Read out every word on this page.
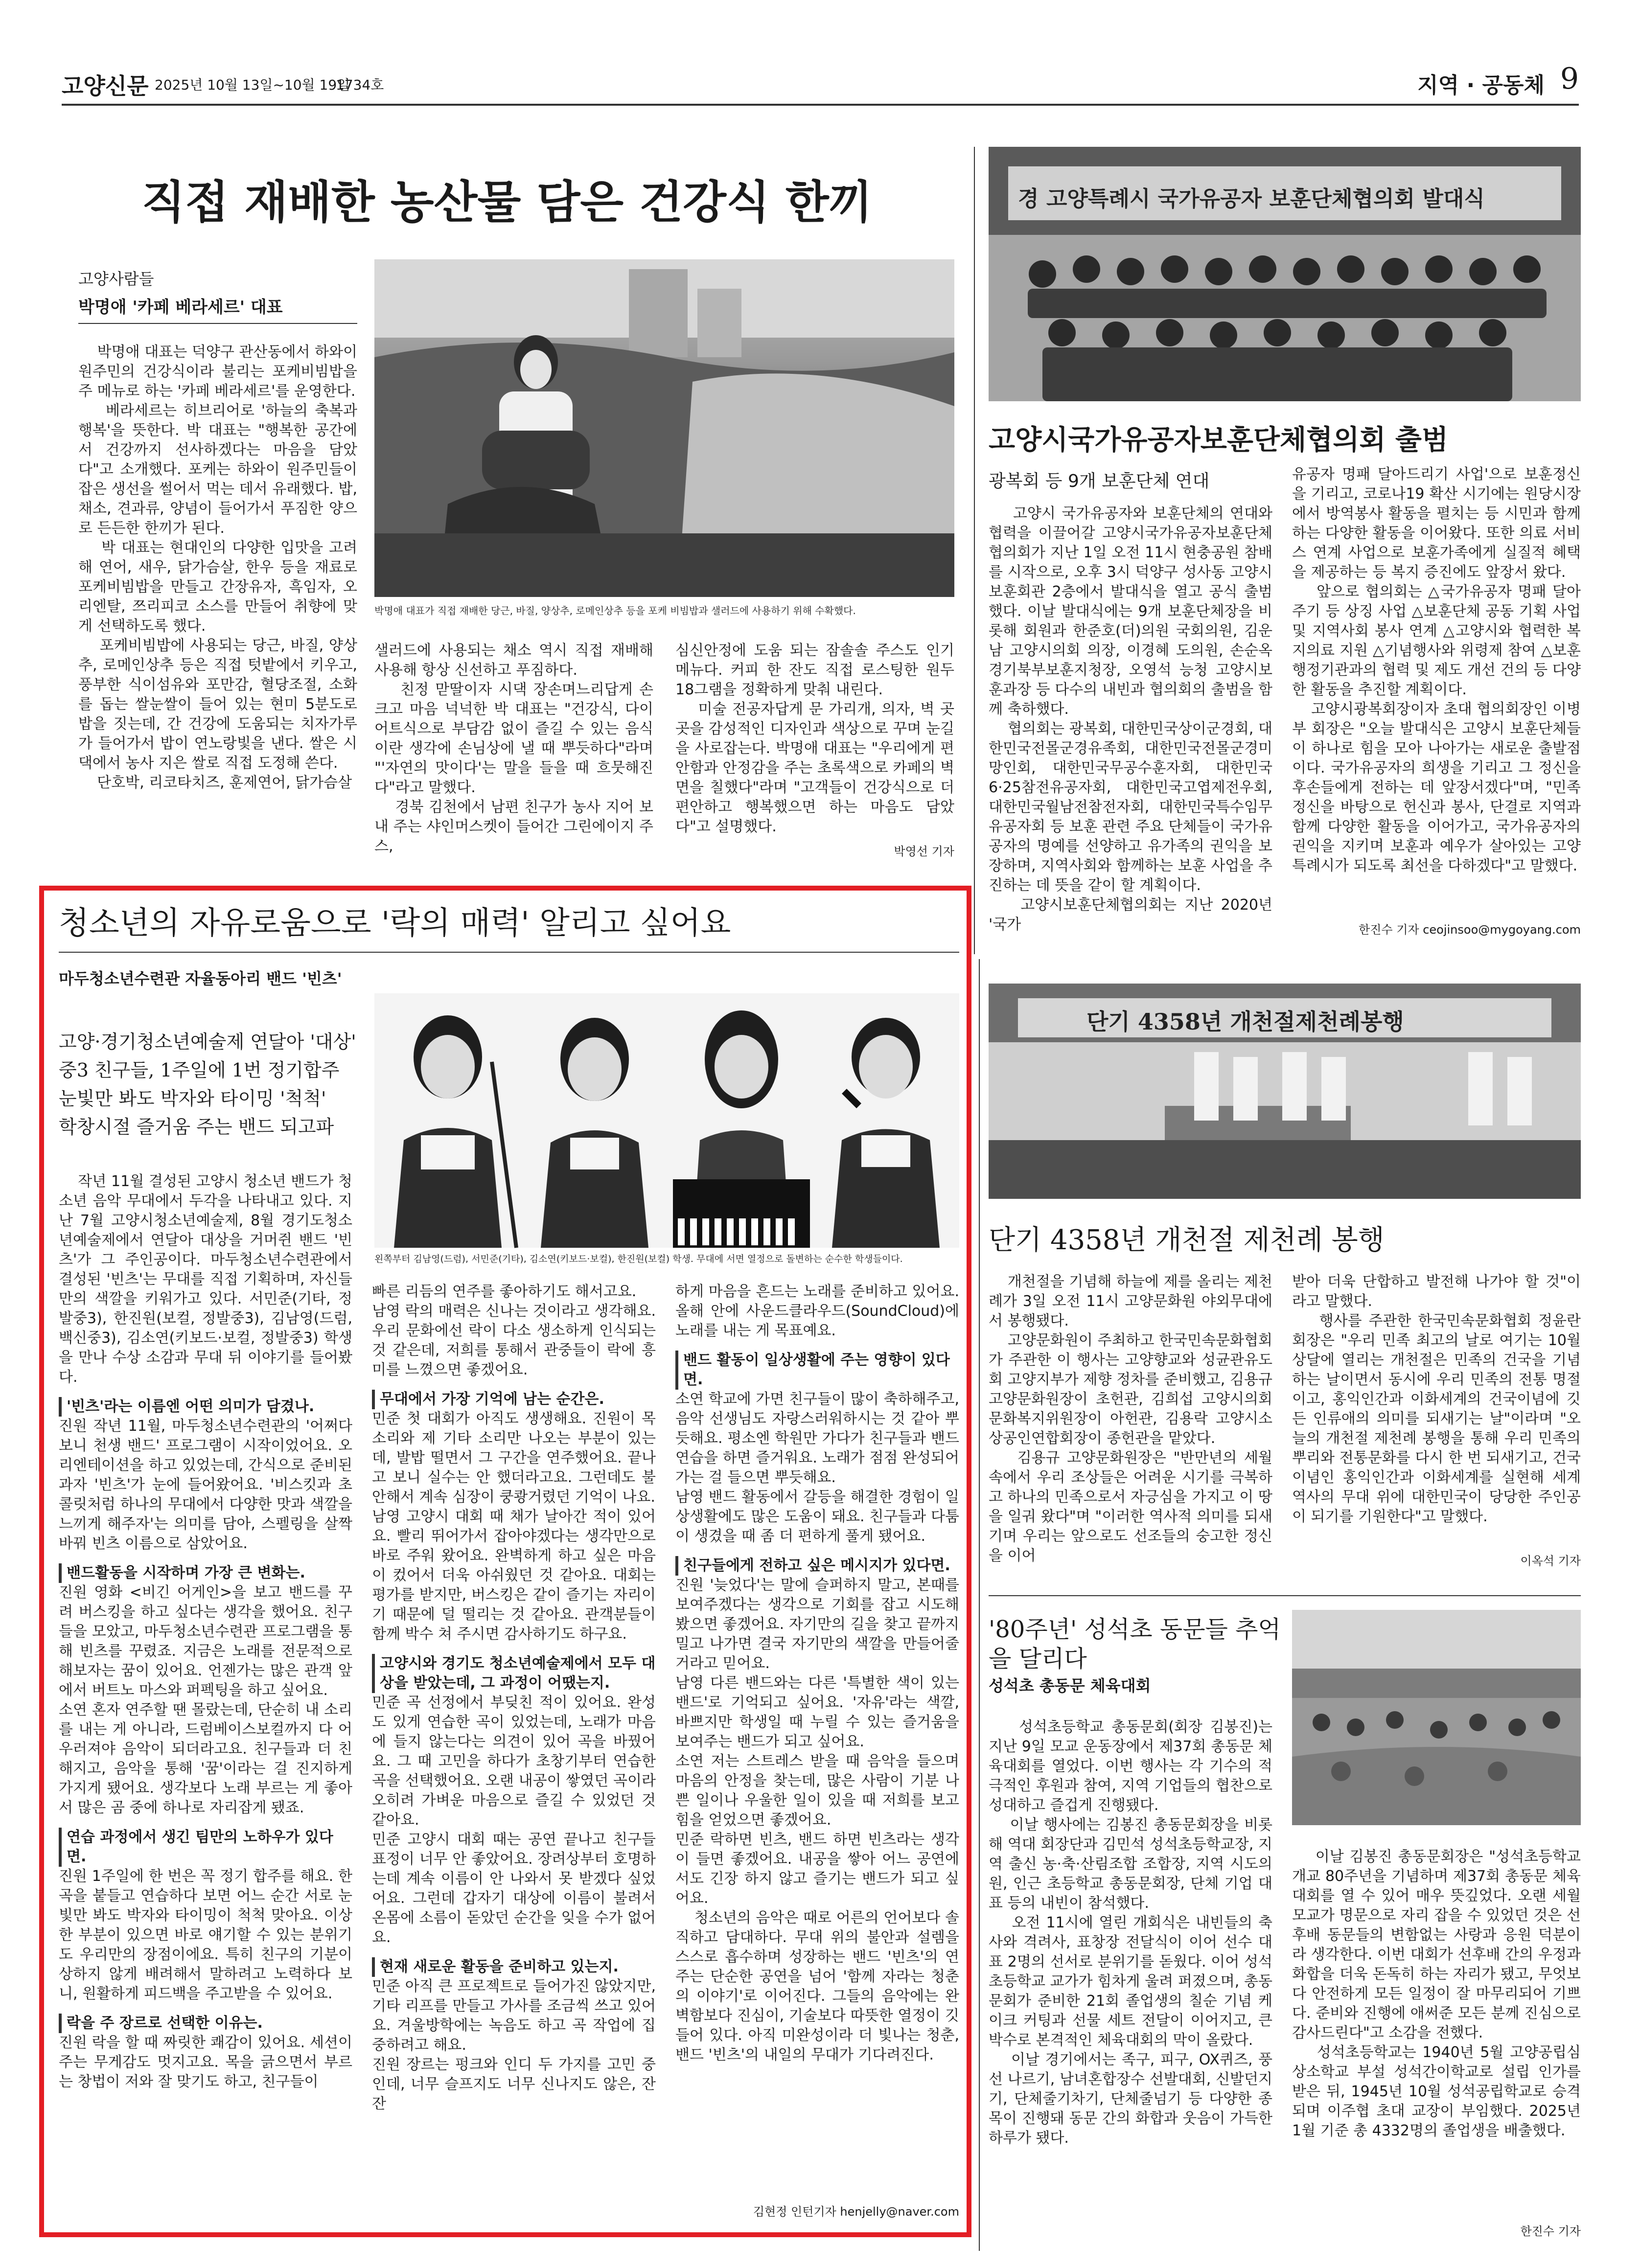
고양신문 2025년 10월 13일~10월 19일
1734호	지역 · 공동체 9
직접 재배한 농산물 담은 건강식 한끼
고양사람들
박명애 '카페 베라세르' 대표
박명애 대표는 덕양구 관산동에서 하와이 원주민의 건강식이라 불리는 포케비빔밥을 주 메뉴로 하는 '카페 베라세르'를 운영한다.
베라세르는 히브리어로 '하늘의 축복과 행복'을 뜻한다. 박 대표는 "행복한 공간에서 건강까지 선사하겠다는 마음을 담았다"고 소개했다. 포케는 하와이 원주민들이 잡은 생선을 썰어서 먹는 데서 유래했다. 밥, 채소, 견과류, 양념이 들어가서 푸짐한 양으로 든든한 한끼가 된다.
박 대표는 현대인의 다양한 입맛을 고려해 연어, 새우, 닭가슴살, 한우 등을 재료로 포케비빔밥을 만들고 간장유자, 흑임자, 오리엔탈, 쯔리피코 소스를 만들어 취향에 맞게 선택하도록 했다.
포케비빔밥에 사용되는 당근, 바질, 양상추, 로메인상추 등은 직접 텃밭에서 키우고, 풍부한 식이섬유와 포만감, 혈당조절, 소화를 돕는 쌀눈쌀이 들어 있는 현미 5분도로 밥을 짓는데, 간 건강에 도움되는 치자가루가 들어가서 밥이 연노랑빛을 낸다. 쌀은 시댁에서 농사 지은 쌀로 직접 도정해 쓴다.
단호박, 리코타치즈, 훈제연어, 닭가슴살
박명애 대표가 직접 재배한 당근, 바질, 양상추, 로메인상추 등을 포케 비빔밥과 샐러드에 사용하기 위해 수확했다.
샐러드에 사용되는 채소 역시 직접 재배해 사용해 항상 신선하고 푸짐하다.
친정 맏딸이자 시댁 장손며느리답게 손 크고 마음 넉넉한 박 대표는 "건강식, 다이어트식으로 부담감 없이 즐길 수 있는 음식이란 생각에 손님상에 낼 때 뿌듯하다"라며 "'자연의 맛이다'는 말을 들을 때 흐뭇해진다"라고 말했다.
경북 김천에서 남편 친구가 농사 지어 보내 주는 샤인머스켓이 들어간 그린에이지 주스,
심신안정에 도움 되는 잠솔솔 주스도 인기 메뉴다. 커피 한 잔도 직접 로스팅한 원두 18그램을 정확하게 맞춰 내린다.
미술 전공자답게 문 가리개, 의자, 벽 곳곳을 감성적인 디자인과 색상으로 꾸며 눈길을 사로잡는다. 박명애 대표는 "우리에게 편안함과 안정감을 주는 초록색으로 카페의 벽면을 칠했다"라며 "고객들이 건강식으로 더 편안하고 행복했으면 하는 마음도 담았다"고 설명했다.
박영선 기자
경 고양특례시 국가유공자 보훈단체협의회 발대식
고양시국가유공자보훈단체협의회 출범
광복회 등 9개 보훈단체 연대
고양시 국가유공자와 보훈단체의 연대와 협력을 이끌어갈 고양시국가유공자보훈단체협의회가 지난 1일 오전 11시 현충공원 참배를 시작으로, 오후 3시 덕양구 성사동 고양시보훈회관 2층에서 발대식을 열고 공식 출범했다. 이날 발대식에는 9개 보훈단체장을 비롯해 회원과 한준호(더)의원 국회의원, 김운남 고양시의회 의장, 이경혜 도의원, 손순옥 경기북부보훈지청장, 오영석 능청 고양시보훈과장 등 다수의 내빈과 협의회의 출범을 함께 축하했다.
협의회는 광복회, 대한민국상이군경회, 대한민국전몰군경유족회, 대한민국전몰군경미망인회, 대한민국무공수훈자회, 대한민국6·25참전유공자회, 대한민국고엽제전우회, 대한민국월남전참전자회, 대한민국특수임무유공자회 등 보훈 관련 주요 단체들이 국가유공자의 명예를 선양하고 유가족의 권익을 보장하며, 지역사회와 함께하는 보훈 사업을 추진하는 데 뜻을 같이 할 계획이다.
고양시보훈단체협의회는 지난 2020년 '국가
유공자 명패 달아드리기 사업'으로 보훈정신을 기리고, 코로나19 확산 시기에는 원당시장에서 방역봉사 활동을 펼치는 등 시민과 함께하는 다양한 활동을 이어왔다. 또한 의료 서비스 연계 사업으로 보훈가족에게 실질적 혜택을 제공하는 등 복지 증진에도 앞장서 왔다.
앞으로 협의회는 △국가유공자 명패 달아주기 등 상징 사업 △보훈단체 공동 기획 사업 및 지역사회 봉사 연계 △고양시와 협력한 복지의료 지원 △기념행사와 위령제 참여 △보훈 행정기관과의 협력 및 제도 개선 건의 등 다양한 활동을 추진할 계획이다.
고양시광복회장이자 초대 협의회장인 이병부 회장은 "오늘 발대식은 고양시 보훈단체들이 하나로 힘을 모아 나아가는 새로운 출발점이다. 국가유공자의 희생을 기리고 그 정신을 후손들에게 전하는 데 앞장서겠다"며, "민족정신을 바탕으로 헌신과 봉사, 단결로 지역과 함께 다양한 활동을 이어가고, 국가유공자의 권익을 지키며 보훈과 예우가 살아있는 고양특례시가 되도록 최선을 다하겠다"고 말했다.
한진수 기자 ceojinsoo@mygoyang.com
청소년의 자유로움으로 '락의 매력' 알리고 싶어요
마두청소년수련관 자율동아리 밴드 '빈츠'
고양·경기청소년예술제 연달아 '대상'
중3 친구들, 1주일에 1번 정기합주
눈빛만 봐도 박자와 타이밍 '척척'
학창시절 즐거움 주는 밴드 되고파
왼쪽부터 김남영(드럼), 서민준(기타), 김소연(키보드·보컬), 한진원(보컬) 학생. 무대에 서면 열정으로 돌변하는 순수한 학생들이다.
작년 11월 결성된 고양시 청소년 밴드가 청소년 음악 무대에서 두각을 나타내고 있다. 지난 7월 고양시청소년예술제, 8월 경기도청소년예술제에서 연달아 대상을 거머쥔 밴드 '빈츠'가 그 주인공이다. 마두청소년수련관에서 결성된 '빈츠'는 무대를 직접 기획하며, 자신들만의 색깔을 키워가고 있다. 서민준(기타, 정발중3), 한진원(보컬, 정발중3), 김남영(드럼, 백신중3), 김소연(키보드·보컬, 정발중3) 학생을 만나 수상 소감과 무대 뒤 이야기를 들어봤다.
'빈츠'라는 이름엔 어떤 의미가 담겼나.
진원 작년 11월, 마두청소년수련관의 '어쩌다 보니 천생 밴드' 프로그램이 시작이었어요. 오리엔테이션을 하고 있었는데, 간식으로 준비된 과자 '빈츠'가 눈에 들어왔어요. '비스킷과 초콜릿처럼 하나의 무대에서 다양한 맛과 색깔을 느끼게 해주자'는 의미를 담아, 스펠링을 살짝 바꿔 빈츠 이름으로 삼았어요.
밴드활동을 시작하며 가장 큰 변화는.
진원 영화 <비긴 어게인>을 보고 밴드를 꾸려 버스킹을 하고 싶다는 생각을 했어요. 친구들을 모았고, 마두청소년수련관 프로그램을 통해 빈츠를 꾸렸죠. 지금은 노래를 전문적으로 해보자는 꿈이 있어요. 언젠가는 많은 관객 앞에서 버트노 마스와 퍼펙팅을 하고 싶어요.
소연 혼자 연주할 땐 몰랐는데, 단순히 내 소리를 내는 게 아니라, 드럼베이스보컬까지 다 어우러져야 음악이 되더라고요. 친구들과 더 친해지고, 음악을 통해 '꿈'이라는 걸 진지하게 가지게 됐어요. 생각보다 노래 부르는 게 좋아서 많은 곰 중에 하나로 자리잡게 됐죠.
연습 과정에서 생긴 팀만의 노하우가 있다면.
진원 1주일에 한 번은 꼭 정기 합주를 해요. 한 곡을 붙들고 연습하다 보면 어느 순간 서로 눈빛만 봐도 박자와 타이밍이 척척 맞아요. 이상한 부분이 있으면 바로 얘기할 수 있는 분위기도 우리만의 장점이에요. 특히 친구의 기분이 상하지 않게 배려해서 말하려고 노력하다 보니, 원활하게 피드백을 주고받을 수 있어요.
락을 주 장르로 선택한 이유는.
진원 락을 할 때 짜릿한 쾌감이 있어요. 세션이 주는 무게감도 멋지고요. 목을 긁으면서 부르는 창법이 저와 잘 맞기도 하고, 친구들이
빠른 리듬의 연주를 좋아하기도 해서고요.
남영 락의 매력은 신나는 것이라고 생각해요. 우리 문화에선 락이 다소 생소하게 인식되는 것 같은데, 저희를 통해서 관중들이 락에 흥미를 느꼈으면 좋겠어요.
무대에서 가장 기억에 남는 순간은.
민준 첫 대회가 아직도 생생해요. 진원이 목소리와 제 기타 소리만 나오는 부분이 있는데, 발밥 떨면서 그 구간을 연주했어요. 끝나고 보니 실수는 안 했더라고요. 그런데도 불안해서 계속 심장이 쿵쾅거렸던 기억이 나요.
남영 고양시 대회 때 채가 날아간 적이 있어요. 빨리 뛰어가서 잡아야겠다는 생각만으로 바로 주워 왔어요. 완벽하게 하고 싶은 마음이 컸어서 더욱 아쉬웠던 것 같아요. 대회는 평가를 받지만, 버스킹은 같이 즐기는 자리이기 때문에 덜 떨리는 것 같아요. 관객분들이 함께 박수 쳐 주시면 감사하기도 하구요.
고양시와 경기도 청소년예술제에서 모두 대상을 받았는데, 그 과정이 어땠는지.
민준 곡 선정에서 부딪친 적이 있어요. 완성도 있게 연습한 곡이 있었는데, 노래가 마음에 들지 않는다는 의견이 있어 곡을 바꿨어요. 그 때 고민을 하다가 초창기부터 연습한 곡을 선택했어요. 오랜 내공이 쌓였던 곡이라 오히려 가벼운 마음으로 즐길 수 있었던 것 같아요.
민준 고양시 대회 때는 공연 끝나고 친구들 표정이 너무 안 좋았어요. 장려상부터 호명하는데 계속 이름이 안 나와서 못 받겠다 싶었어요. 그런데 갑자기 대상에 이름이 불려서 온몸에 소름이 돋았던 순간을 잊을 수가 없어요.
현재 새로운 활동을 준비하고 있는지.
민준 아직 큰 프로젝트로 들어가진 않았지만, 기타 리프를 만들고 가사를 조금씩 쓰고 있어요. 겨울방학에는 녹음도 하고 곡 작업에 집중하려고 해요.
진원 장르는 펑크와 인디 두 가지를 고민 중인데, 너무 슬프지도 너무 신나지도 않은, 잔잔
하게 마음을 흔드는 노래를 준비하고 있어요. 올해 안에 사운드클라우드(SoundCloud)에 노래를 내는 게 목표예요.
밴드 활동이 일상생활에 주는 영향이 있다면.
소연 학교에 가면 친구들이 많이 축하해주고, 음악 선생님도 자랑스러워하시는 것 같아 뿌듯해요. 평소엔 학원만 가다가 친구들과 밴드 연습을 하면 즐거워요. 노래가 점점 완성되어가는 걸 들으면 뿌듯해요.
남영 밴드 활동에서 갈등을 해결한 경험이 일상생활에도 많은 도움이 돼요. 친구들과 다툼이 생겼을 때 좀 더 편하게 풀게 됐어요.
친구들에게 전하고 싶은 메시지가 있다면.
진원 '늦었다'는 말에 슬퍼하지 말고, 본때를 보여주겠다는 생각으로 기회를 잡고 시도해 봤으면 좋겠어요. 자기만의 길을 찾고 끝까지 밀고 나가면 결국 자기만의 색깔을 만들어줄 거라고 믿어요.
남영 다른 밴드와는 다른 '특별한 색이 있는 밴드'로 기억되고 싶어요. '자유'라는 색깔, 바쁘지만 학생일 때 누릴 수 있는 즐거움을 보여주는 밴드가 되고 싶어요.
소연 저는 스트레스 받을 때 음악을 들으며 마음의 안정을 찾는데, 많은 사람이 기분 나쁜 일이나 우울한 일이 있을 때 저희를 보고 힘을 얻었으면 좋겠어요.
민준 락하면 빈츠, 밴드 하면 빈츠라는 생각이 들면 좋겠어요. 내공을 쌓아 어느 공연에서도 긴장 하지 않고 즐기는 밴드가 되고 싶어요.
청소년의 음악은 때로 어른의 언어보다 솔직하고 담대하다. 무대 위의 불안과 설렘을 스스로 흡수하며 성장하는 밴드 '빈츠'의 연주는 단순한 공연을 넘어 '함께 자라는 청춘의 이야기'로 이어진다. 그들의 음악에는 완벽함보다 진심이, 기술보다 따뜻한 열정이 깃들어 있다. 아직 미완성이라 더 빛나는 청춘, 밴드 '빈츠'의 내일의 무대가 기다려진다.
김현정 인턴기자 henjelly@naver.com
단기 4358년 개천절제천례봉행
단기 4358년 개천절 제천례 봉행
개천절을 기념해 하늘에 제를 올리는 제천례가 3일 오전 11시 고양문화원 야외무대에서 봉행됐다.
고양문화원이 주최하고 한국민속문화협회가 주관한 이 행사는 고양향교와 성균관유도회 고양지부가 제향 정차를 준비했고, 김용규 고양문화원장이 초헌관, 김희섭 고양시의회 문화복지위원장이 아헌관, 김용락 고양시소상공인연합회장이 종헌관을 맡았다.
김용규 고양문화원장은 "반만년의 세월 속에서 우리 조상들은 어려운 시기를 극복하고 하나의 민족으로서 자긍심을 가지고 이 땅을 일궈 왔다"며 "이러한 역사적 의미를 되새기며 우리는 앞으로도 선조들의 숭고한 정신을 이어
받아 더욱 단합하고 발전해 나가야 할 것"이라고 말했다.
행사를 주관한 한국민속문화협회 정윤란 회장은 "우리 민족 최고의 날로 여기는 10월 상달에 열리는 개천절은 민족의 건국을 기념하는 날이면서 동시에 우리 민족의 전통 명절이고, 홍익인간과 이화세계의 건국이념에 깃든 인류애의 의미를 되새기는 날"이라며 "오늘의 개천절 제천례 봉행을 통해 우리 민족의 뿌리와 전통문화를 다시 한 번 되새기고, 건국이념인 홍익인간과 이화세계를 실현해 세계 역사의 무대 위에 대한민국이 당당한 주인공이 되기를 기원한다"고 말했다.
이옥석 기자
'80주년' 성석초 동문들 추억을 달리다
성석초 총동문 체육대회
성석초등학교 총동문회(회장 김봉진)는 지난 9일 모교 운동장에서 제37회 총동문 체육대회를 열었다. 이번 행사는 각 기수의 적극적인 후원과 참여, 지역 기업들의 협찬으로 성대하고 즐겁게 진행됐다.
이날 행사에는 김봉진 총동문회장을 비롯해 역대 회장단과 김민석 성석초등학교장, 지역 출신 농·축·산림조합 조합장, 지역 시도의원, 인근 초등학교 총동문회장, 단체 기업 대표 등의 내빈이 참석했다.
오전 11시에 열린 개회식은 내빈들의 축사와 격려사, 표창장 전달식이 이어 선수 대표 2명의 선서로 분위기를 돋웠다. 이어 성석초등학교 교가가 힘차게 울려 퍼졌으며, 총동문회가 준비한 21회 졸업생의 칠순 기념 케이크 커팅과 선물 세트 전달이 이어지고, 큰 박수로 본격적인 체육대회의 막이 올랐다.
이날 경기에서는 족구, 피구, OX퀴즈, 풍선 나르기, 남녀혼합장수 선발대회, 신발던지기, 단체줄기차기, 단체줄넘기 등 다양한 종목이 진행돼 동문 간의 화합과 웃음이 가득한 하루가 됐다.
이날 김봉진 총동문회장은 "성석초등학교 개교 80주년을 기념하며 제37회 총동문 체육대회를 열 수 있어 매우 뜻깊었다. 오랜 세월 모교가 명문으로 자리 잡을 수 있었던 것은 선후배 동문들의 변함없는 사랑과 응원 덕분이라 생각한다. 이번 대회가 선후배 간의 우정과 화합을 더욱 돈독히 하는 자리가 됐고, 무엇보다 안전하게 모든 일정이 잘 마무리되어 기쁘다. 준비와 진행에 애써준 모든 분께 진심으로 감사드린다"고 소감을 전했다.
성석초등학교는 1940년 5월 고양공립심상소학교 부설 성석간이학교로 설립 인가를 받은 뒤, 1945년 10월 성석공립학교로 승격되며 이주협 초대 교장이 부임했다. 2025년 1월 기준 총 4332명의 졸업생을 배출했다.
한진수 기자
